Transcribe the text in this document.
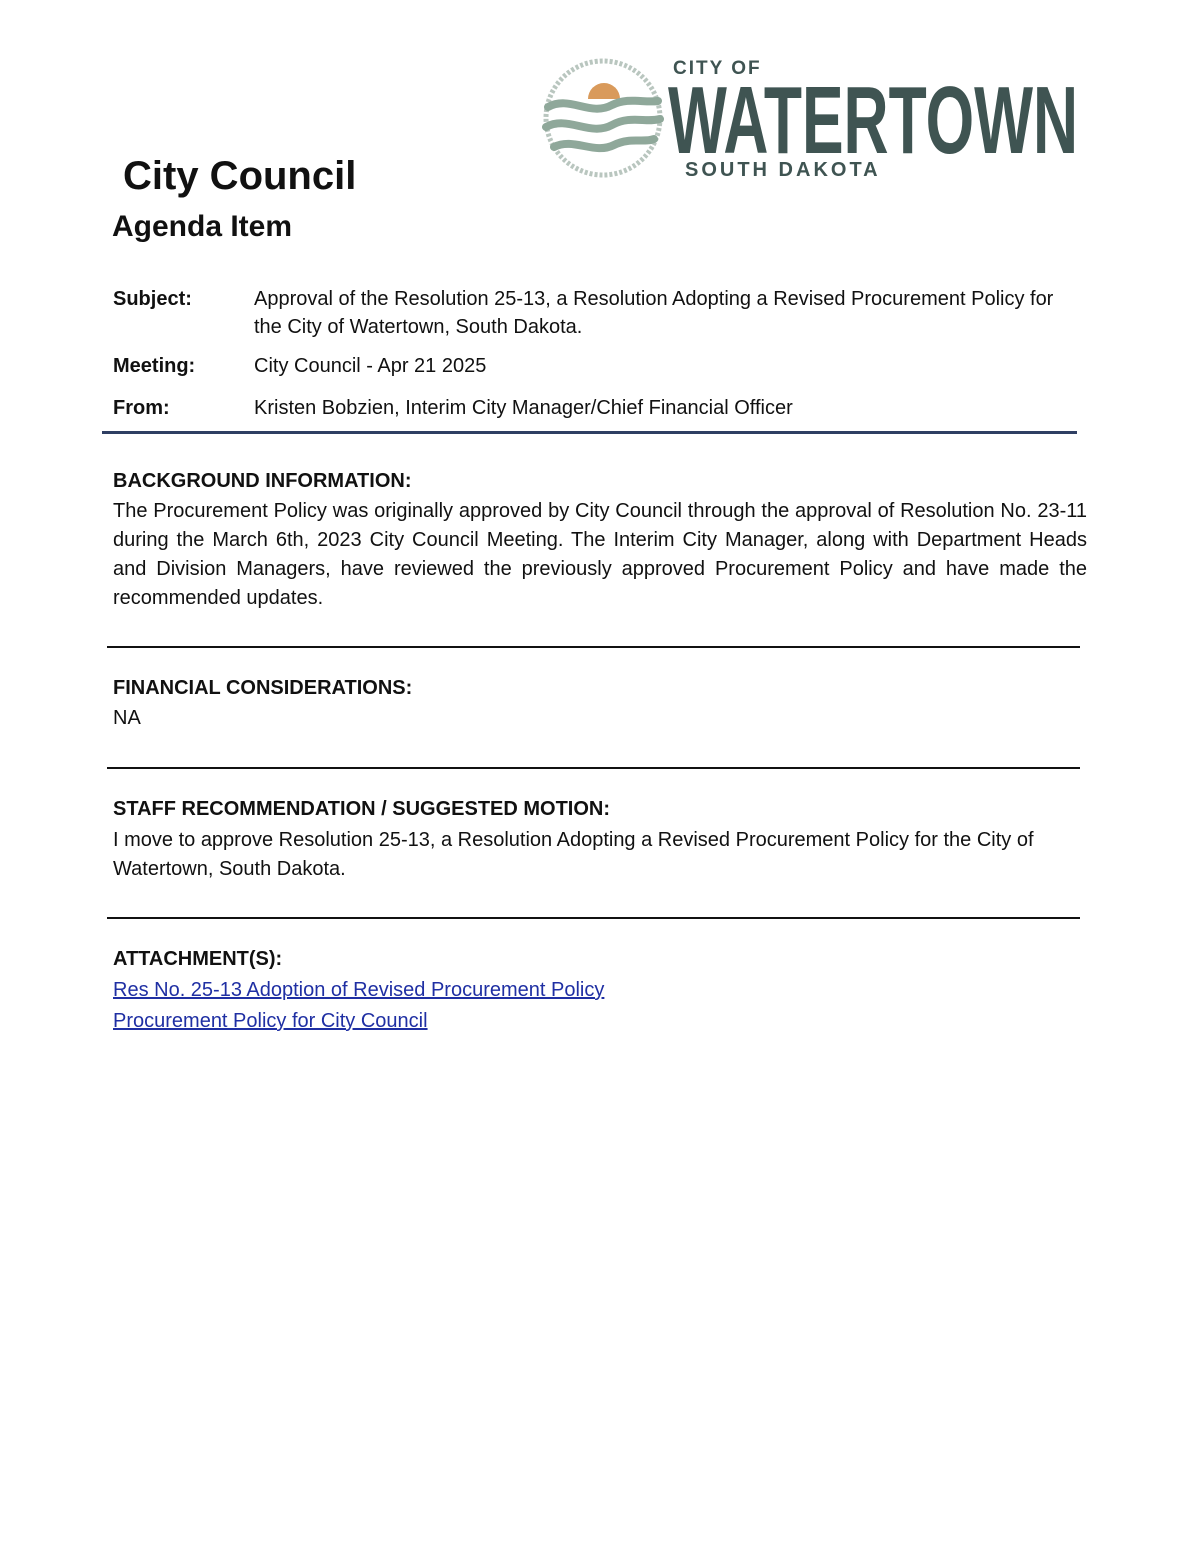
CITY OF
WATERTOWN
SOUTH DAKOTA
City Council
Agenda Item
Subject:	Approval of the Resolution 25-13, a Resolution Adopting a Revised Procurement Policy for the City of Watertown, South Dakota.
Meeting:	City Council - Apr 21 2025
From:	Kristen Bobzien, Interim City Manager/Chief Financial Officer
BACKGROUND INFORMATION:
The Procurement Policy was originally approved by City Council through the approval of Resolution No. 23-11 during the March 6th, 2023 City Council Meeting. The Interim City Manager, along with Department Heads and Division Managers, have reviewed the previously approved Procurement Policy and have made the recommended updates.
FINANCIAL CONSIDERATIONS:
NA
STAFF RECOMMENDATION / SUGGESTED MOTION:
I move to approve Resolution 25-13, a Resolution Adopting a Revised Procurement Policy for the City of Watertown, South Dakota.
ATTACHMENT(S):
Res No. 25-13 Adoption of Revised Procurement Policy
Procurement Policy for City Council
